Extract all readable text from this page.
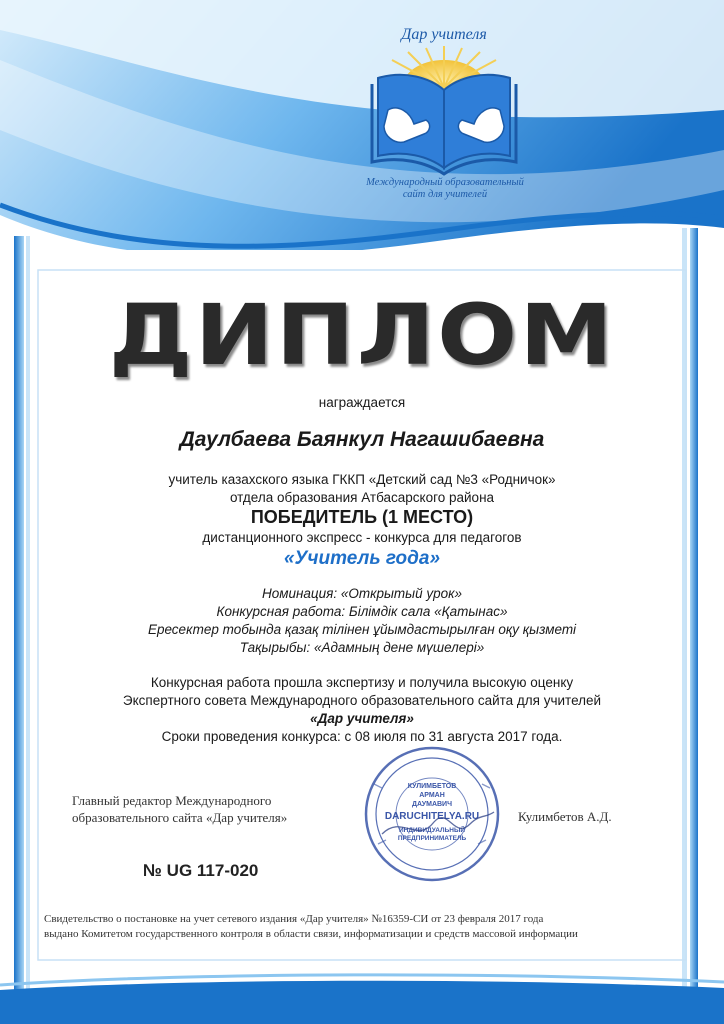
Дар учителя
Международный образовательный
сайт для учителей
ДИПЛОМ
награждается
Даулбаева Баянкул Нагашибаевна
учитель казахского языка ГККП «Детский сад №3 «Родничок»
отдела образования Атбасарского района
ПОБЕДИТЕЛЬ (1 МЕСТО)
дистанционного экспресс - конкурса для педагогов
«Учитель года»
Номинация: «Открытый урок»
Конкурсная работа: Білімдік сала «Қатынас»
Ересектер тобында қазақ тілінен ұйымдастырылған оқу қызметі
Тақырыбы: «Адамның дене мүшелері»
Конкурсная работа прошла экспертизу и получила высокую оценку
Экспертного совета Международного образовательного сайта для учителей
«Дар учителя»
Сроки проведения конкурса: с 08 июля по 31 августа 2017 года.
Главный редактор Международного
образовательного сайта «Дар учителя»	Кулимбетов А.Д.
КУЛИМБЕТОВ
АРМАН
ДАУМАВИЧ
DARUCHITELYA.RU
ИНДИВИДУАЛЬНЫЙ
ПРЕДПРИНИМАТЕЛЬ
№ UG 117-020
Свидетельство о постановке на учет сетевого издания «Дар учителя» №16359-СИ от 23 февраля 2017 года
выдано Комитетом государственного контроля в области связи, информатизации и средств массовой информации
